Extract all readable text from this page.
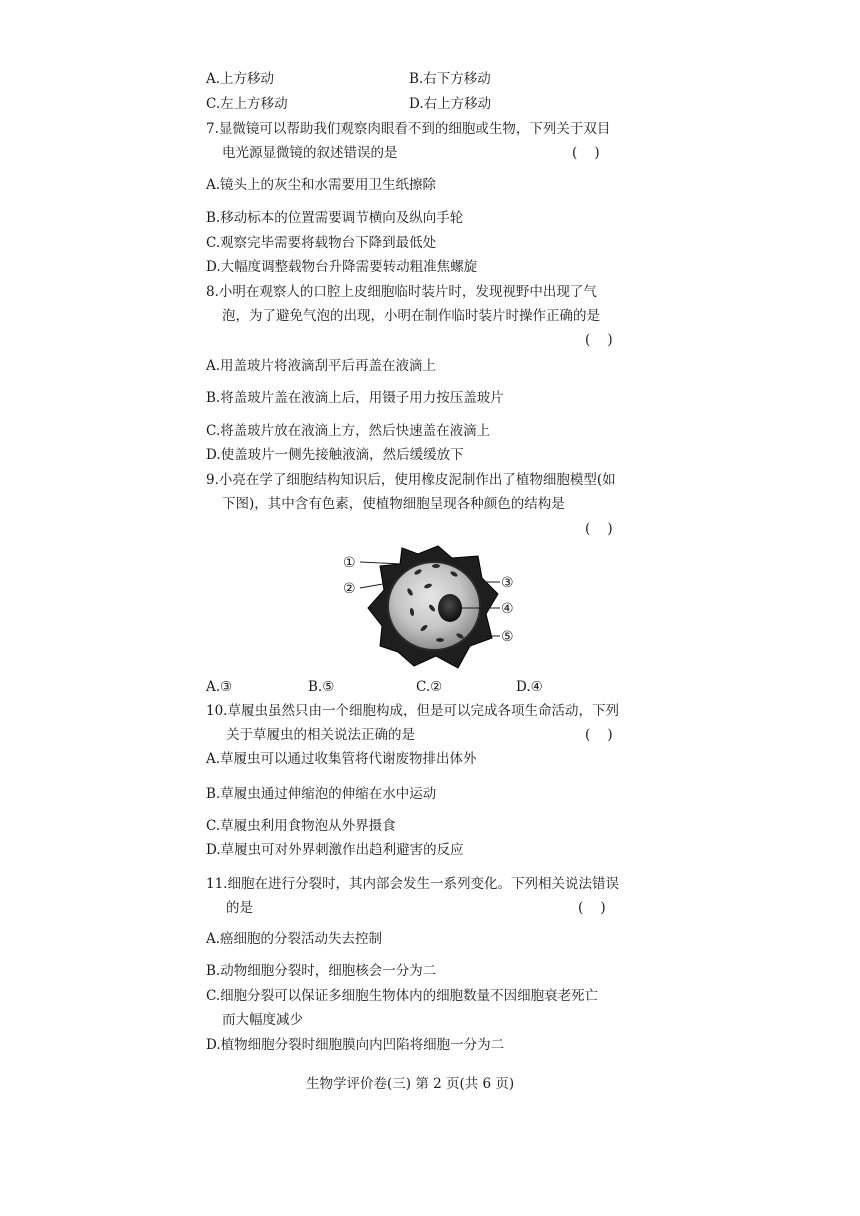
A.上方移动	B.右下方移动
C.左上方移动	D.右上方移动
7.显微镜可以帮助我们观察肉眼看不到的细胞或生物，下列关于双目
电光源显微镜的叙述错误的是	(    )
A.镜头上的灰尘和水需要用卫生纸擦除
B.移动标本的位置需要调节横向及纵向手轮
C.观察完毕需要将载物台下降到最低处
D.大幅度调整载物台升降需要转动粗准焦螺旋
8.小明在观察人的口腔上皮细胞临时装片时，发现视野中出现了气
泡，为了避免气泡的出现，小明在制作临时装片时操作正确的是
(    )
A.用盖玻片将液滴刮平后再盖在液滴上
B.将盖玻片盖在液滴上后，用镊子用力按压盖玻片
C.将盖玻片放在液滴上方，然后快速盖在液滴上
D.使盖玻片一侧先接触液滴，然后缓缓放下
9.小亮在学了细胞结构知识后，使用橡皮泥制作出了植物细胞模型(如
下图)，其中含有色素，使植物细胞呈现各种颜色的结构是
(    )
①
②	③
④
⑤
A.③	B.⑤	C.②	D.④
10.草履虫虽然只由一个细胞构成，但是可以完成各项生命活动，下列
关于草履虫的相关说法正确的是	(    )
A.草履虫可以通过收集管将代谢废物排出体外
B.草履虫通过伸缩泡的伸缩在水中运动
C.草履虫利用食物泡从外界摄食
D.草履虫可对外界刺激作出趋利避害的反应
11.细胞在进行分裂时，其内部会发生一系列变化。下列相关说法错误
的是	(    )
A.癌细胞的分裂活动失去控制
B.动物细胞分裂时，细胞核会一分为二
C.细胞分裂可以保证多细胞生物体内的细胞数量不因细胞衰老死亡
而大幅度减少
D.植物细胞分裂时细胞膜向内凹陷将细胞一分为二
生物学评价卷(三) 第 2 页(共 6 页)
